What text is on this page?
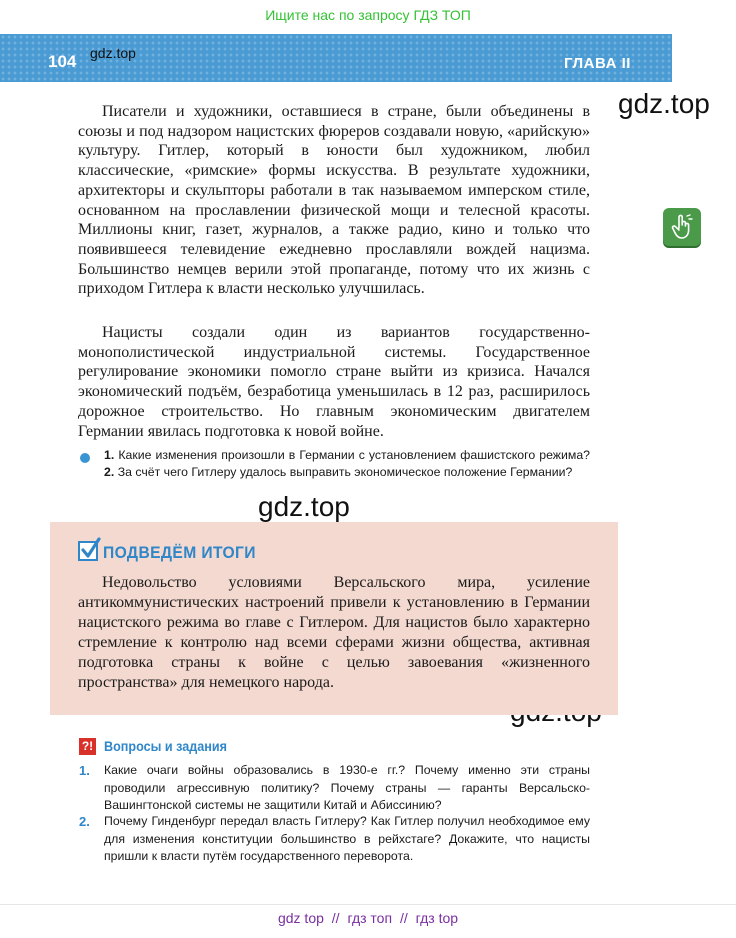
Ищите нас по запросу ГДЗ ТОП
104 gdz.top
ГЛАВА II
gdz.top
gdz.top

Писатели и художники, оставшиеся в стране, были объединены в союзы и под надзором нацистских фюреров создавали новую, «арийскую» культуру. Гитлер, который в юности был художником, любил классические, «римские» формы искусства. В результате художники, архитекторы и скульпторы работали в так называемом имперском стиле, основанном на прославлении физической мощи и телесной красоты. Миллионы книг, газет, журналов, а также радио, кино и только что появившееся телевидение ежедневно прославляли вождей нацизма. Большинство немцев верили этой пропаганде, потому что их жизнь с приходом Гитлера к власти несколько улучшилась.

Нацисты создали один из вариантов государственно-монополистической индустриальной системы. Государственное регулирование экономики помогло стране выйти из кризиса. Начался экономический подъём, безработица уменьшилась в 12 раз, расширилось дорожное строительство. Но главным экономическим двигателем Германии явилась подготовка к новой войне.

1. Какие изменения произошли в Германии с установлением фашистского режима? 2. За счёт чего Гитлеру удалось выправить экономическое положение Германии?
ПОДВЕДЁМ ИТОГИ

Недовольство условиями Версальского мира, усиление антикоммунистических настроений привели к установлению в Германии нацистского режима во главе с Гитлером. Для нацистов было характерно стремление к контролю над всеми сферами жизни общества, активная подготовка страны к войне с целью завоевания «жизненного пространства» для немецкого народа.

?! Вопросы и задания
1. Какие очаги войны образовались в 1930-е гг.? Почему именно эти страны проводили агрессивную политику? Почему страны — гаранты Версальско-Вашингтонской системы не защитили Китай и Абиссинию?

2. Почему Гинденбург передал власть Гитлеру? Как Гитлер получил необходимое ему для изменения конституции большинство в рейхстаге? Докажите, что нацисты пришли к власти путём государственного переворота.

gdz top // гдз топ // гдз top
